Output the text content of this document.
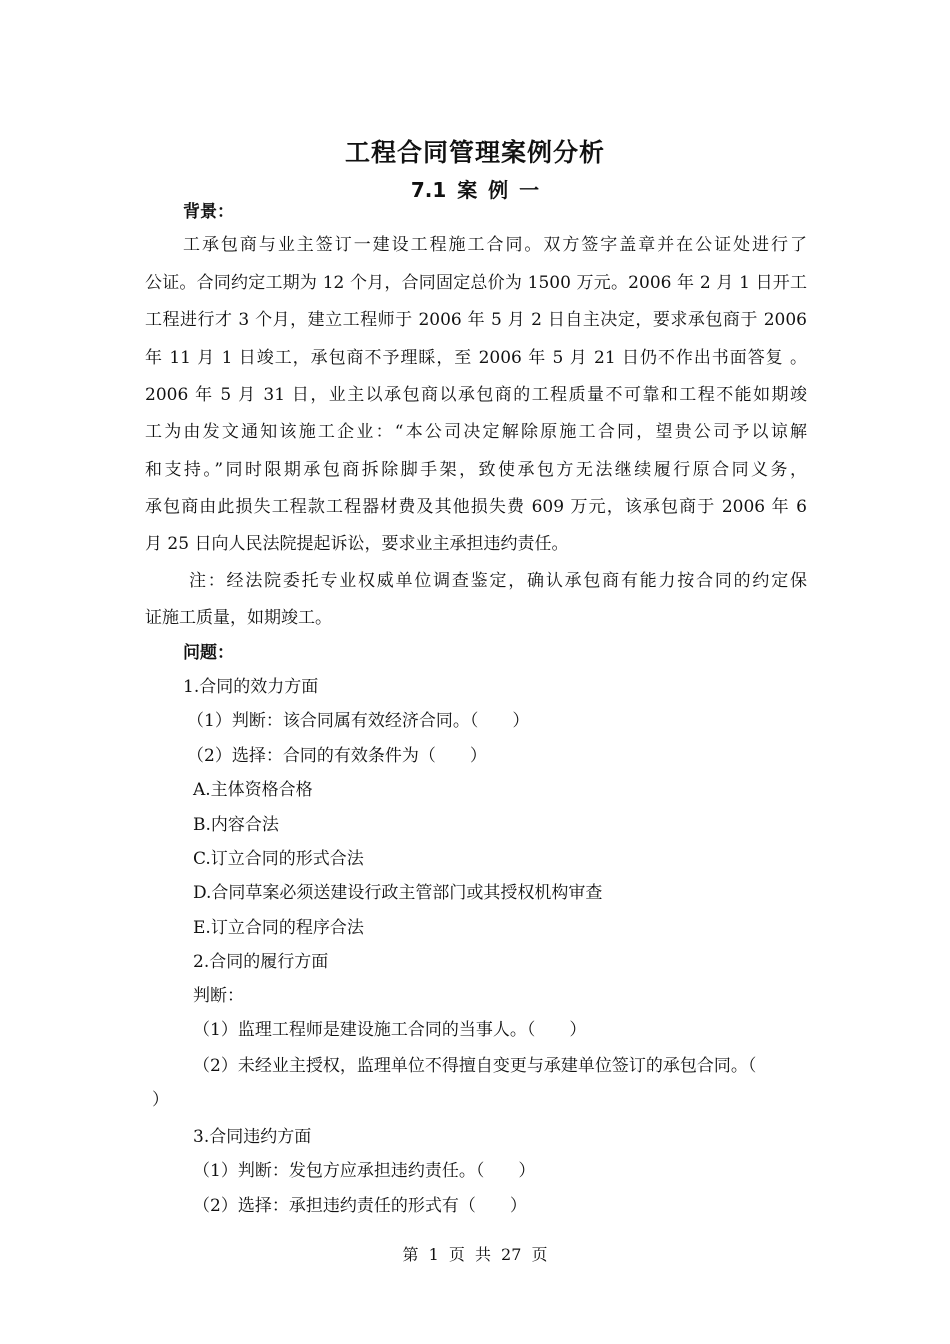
工程合同管理案例分析
7.1 案 例 一
背景：
工承包商与业主签订一建设工程施工合同。双方签字盖章并在公证处进行了
公证。合同约定工期为 12 个月，合同固定总价为 1500 万元。2006 年 2 月 1 日开工
工程进行才 3 个月，建立工程师于 2006 年 5 月 2 日自主决定，要求承包商于 2006
年 11 月 1 日竣工，承包商不予理睬，至 2006 年 5 月 21 日仍不作出书面答复 。
2006 年 5 月 31 日，业主以承包商以承包商的工程质量不可靠和工程不能如期竣
工为由发文通知该施工企业：“本公司决定解除原施工合同，望贵公司予以谅解
和支持。”同时限期承包商拆除脚手架，致使承包方无法继续履行原合同义务，
承包商由此损失工程款工程器材费及其他损失费 609 万元，该承包商于 2006 年 6
月 25 日向人民法院提起诉讼，要求业主承担违约责任。
注：经法院委托专业权威单位调查鉴定，确认承包商有能力按合同的约定保
证施工质量，如期竣工。
问题：
1.合同的效力方面
（1）判断：该合同属有效经济合同。（　　）
（2）选择：合同的有效条件为（　　）
A.主体资格合格
B.内容合法
C.订立合同的形式合法
D.合同草案必须送建设行政主管部门或其授权机构审查
E.订立合同的程序合法
2.合同的履行方面
判断：
（1）监理工程师是建设施工合同的当事人。（　　）
（2）未经业主授权，监理单位不得擅自变更与承建单位签订的承包合同。（
）
3.合同违约方面
（1）判断：发包方应承担违约责任。（　　）
（2）选择：承担违约责任的形式有（　　）
第 1 页 共 27 页
